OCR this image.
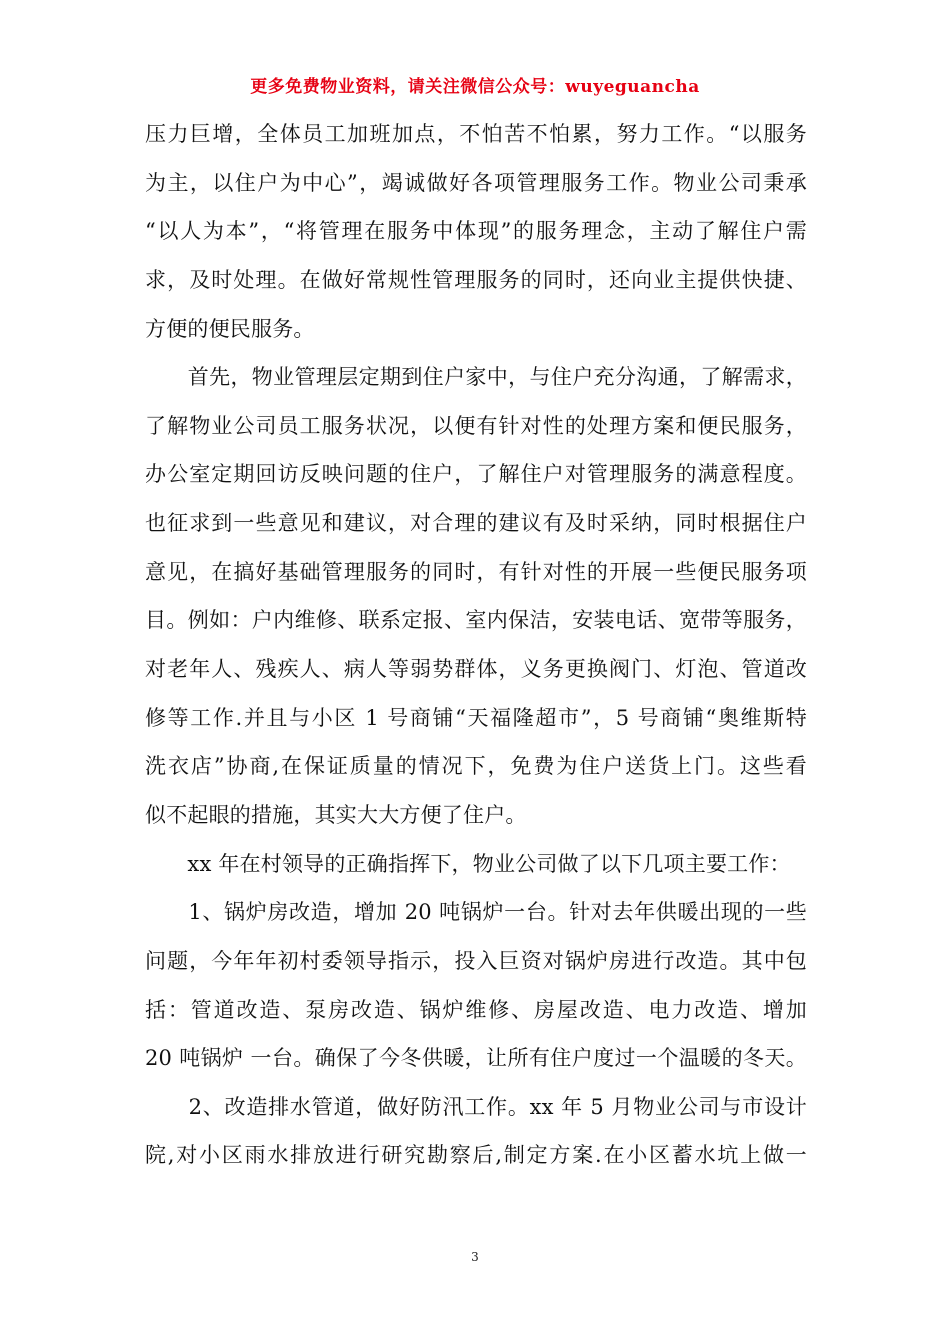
更多免费物业资料，请关注微信公众号：wuyeguancha
压力巨增，全体员工加班加点，不怕苦不怕累，努力工作。“以服务
为主，以住户为中心”，竭诚做好各项管理服务工作。物业公司秉承
“以人为本”，“将管理在服务中体现”的服务理念，主动了解住户需
求，及时处理。在做好常规性管理服务的同时，还向业主提供快捷、
方便的便民服务。
　　首先，物业管理层定期到住户家中，与住户充分沟通，了解需求，
了解物业公司员工服务状况，以便有针对性的处理方案和便民服务，
办公室定期回访反映问题的住户，了解住户对管理服务的满意程度。
也征求到一些意见和建议，对合理的建议有及时采纳，同时根据住户
意见，在搞好基础管理服务的同时，有针对性的开展一些便民服务项
目。例如：户内维修、联系定报、室内保洁，安装电话、宽带等服务，
对老年人、残疾人、病人等弱势群体，义务更换阀门、灯泡、管道改
修等工作.并且与小区 1 号商铺“天福隆超市”，5 号商铺“奥维斯特
洗衣店”协商,在保证质量的情况下，免费为住户送货上门。这些看
似不起眼的措施，其实大大方便了住户。
　　xx 年在村领导的正确指挥下，物业公司做了以下几项主要工作：
　　1、锅炉房改造，增加 20 吨锅炉一台。针对去年供暖出现的一些
问题，今年年初村委领导指示，投入巨资对锅炉房进行改造。其中包
括：管道改造、泵房改造、锅炉维修、房屋改造、电力改造、增加
20 吨锅炉 一台。确保了今冬供暖，让所有住户度过一个温暖的冬天。
　　2、改造排水管道，做好防汛工作。xx 年 5 月物业公司与市设计
院,对小区雨水排放进行研究勘察后,制定方案.在小区蓄水坑上做一
3
